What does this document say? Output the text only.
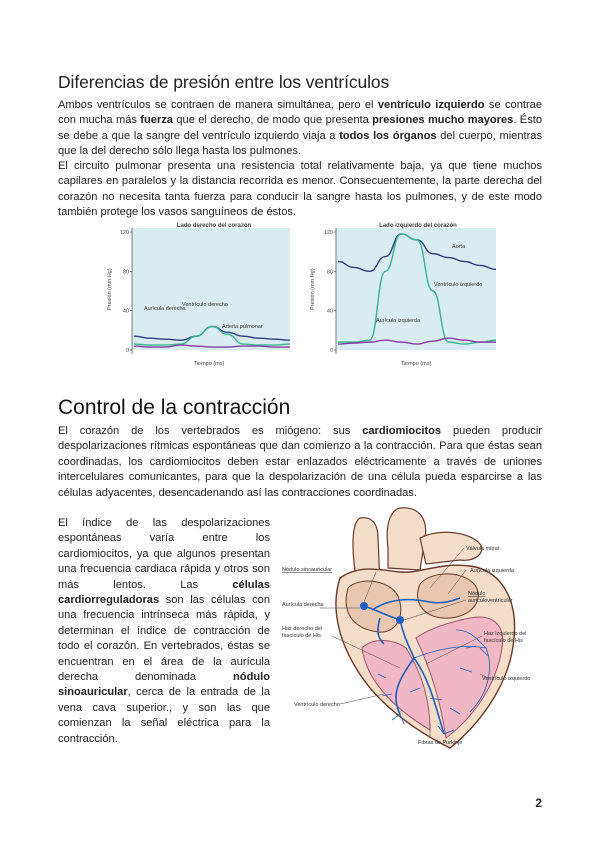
Diferencias de presión entre los ventrículos
Ambos ventrículos se contraen de manera simultánea, pero el ventrículo izquierdo se contrae con mucha más fuerza que el derecho, de modo que presenta presiones mucho mayores. Ésto se debe a que la sangre del ventrículo izquierdo viaja a todos los órganos del cuerpo, mientras que la del derecho sólo llega hasta los pulmones.
El circuito pulmonar presenta una resistencia total relativamente baja, ya que tiene muchos capilares en paralelos y la distancia recorrida es menor. Consecuentemente, la parte derecha del corazón no necesita tanta fuerza para conducir la sangre hasta los pulmones, y de este modo también protege los vasos sanguíneos de éstos.
Lado derecho del corazón
120
80
40
0
Presión (mm Hg)	Aurícula derecha
Ventrículo derecho
Arteria pulmonar
Tiempo (ms)
Lado izquierdo del corazón
120
80
40
0
Presión (mm Hg)
Aorta
Ventrículo izquierdo
Aurícula izquierda
Tiempo (ms)
Control de la contracción
El corazón de los vertebrados es miógeno: sus cardiomiocitos pueden producir despolarizaciones rítmicas espontáneas que dan comienzo a la contracción. Para que éstas sean coordinadas, los cardiomiocitos deben estar enlazados eléctricamente a través de uniones intercelulares comunicantes, para que la despolarización de una célula pueda esparcirse a las células adyacentes, desencadenando así las contracciones coordinadas.
El índice de las despolarizaciones espontáneas varía entre los cardiomiocitos, ya que algunos presentan una frecuencia cardiaca rápida y otros son más lentos. Las células cardiorreguladoras son las células con una frecuencia intrínseca más rápida, y determinan el índice de contracción de todo el corazón. En vertebrados, éstas se encuentran en el área de la aurícula derecha denominada nódulo sinoauricular, cerca de la entrada de la vena cava superior., y son las que comienzan la señal eléctrica para la contracción.
Válvula mitral
Nódulo sinoauricular	Aurícula izquierda
Aurícula derecha
Nódulo auriculoventricular
Haz izquierdo del fascículo de His
Haz derecho del fascículo de His
Ventrículo izquierdo
Ventrículo derecho
Fibras de Purkinje
2
